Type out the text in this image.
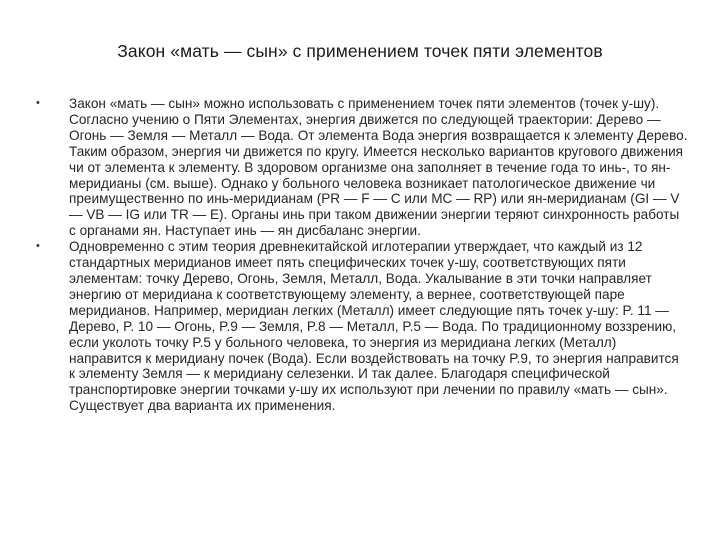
Закон «мать — сын» с применением точек пяти элементов
•	Закон «мать — сын» можно использовать с применением точек пяти элементов (точек у-шу). Согласно учению о Пяти Элементах, энергия движется по следующей траектории: Дерево — Огонь — Земля — Металл — Вода. От элемента Вода энергия возвращается к элементу Дерево. Таким образом, энергия чи движется по кругу. Имеется несколько вариантов кругового движения чи от элемента к элементу. В здоровом организме она заполняет в течение года то инь-, то ян-меридианы (см. выше). Однако у больного человека возникает патологическое движение чи преимущественно по инь-меридианам (PR — F — C или MC — RP) или ян-меридианам (GI — V — VB — IG или TR — E). Органы инь при таком движении энергии теряют синхронность работы с органами ян. Наступает инь — ян дисбаланс энергии.
•	Одновременно с этим теория древнекитайской иглотерапии утверждает, что каждый из 12 стандартных меридианов имеет пять специфических точек у-шу, соответствующих пяти элементам: точку Дерево, Огонь, Земля, Металл, Вода. Укалывание в эти точки направляет энергию от меридиана к соответствующему элементу, а вернее, соответствующей паре меридианов. Например, меридиан легких (Металл) имеет следующие пять точек у-шу: P. 11 — Дерево, P. 10 — Огонь, P.9 — Земля, P.8 — Металл, P.5 — Вода. По традиционному воззрению, если уколоть точку P.5 у больного человека, то энергия из меридиана легких (Металл) направится к меридиану почек (Вода). Если воздействовать на точку P.9, то энергия направится к элементу Земля — к меридиану селезенки. И так далее. Благодаря специфической транспортировке энергии точками у-шу их используют при лечении по правилу «мать — сын». Существует два варианта их применения.
